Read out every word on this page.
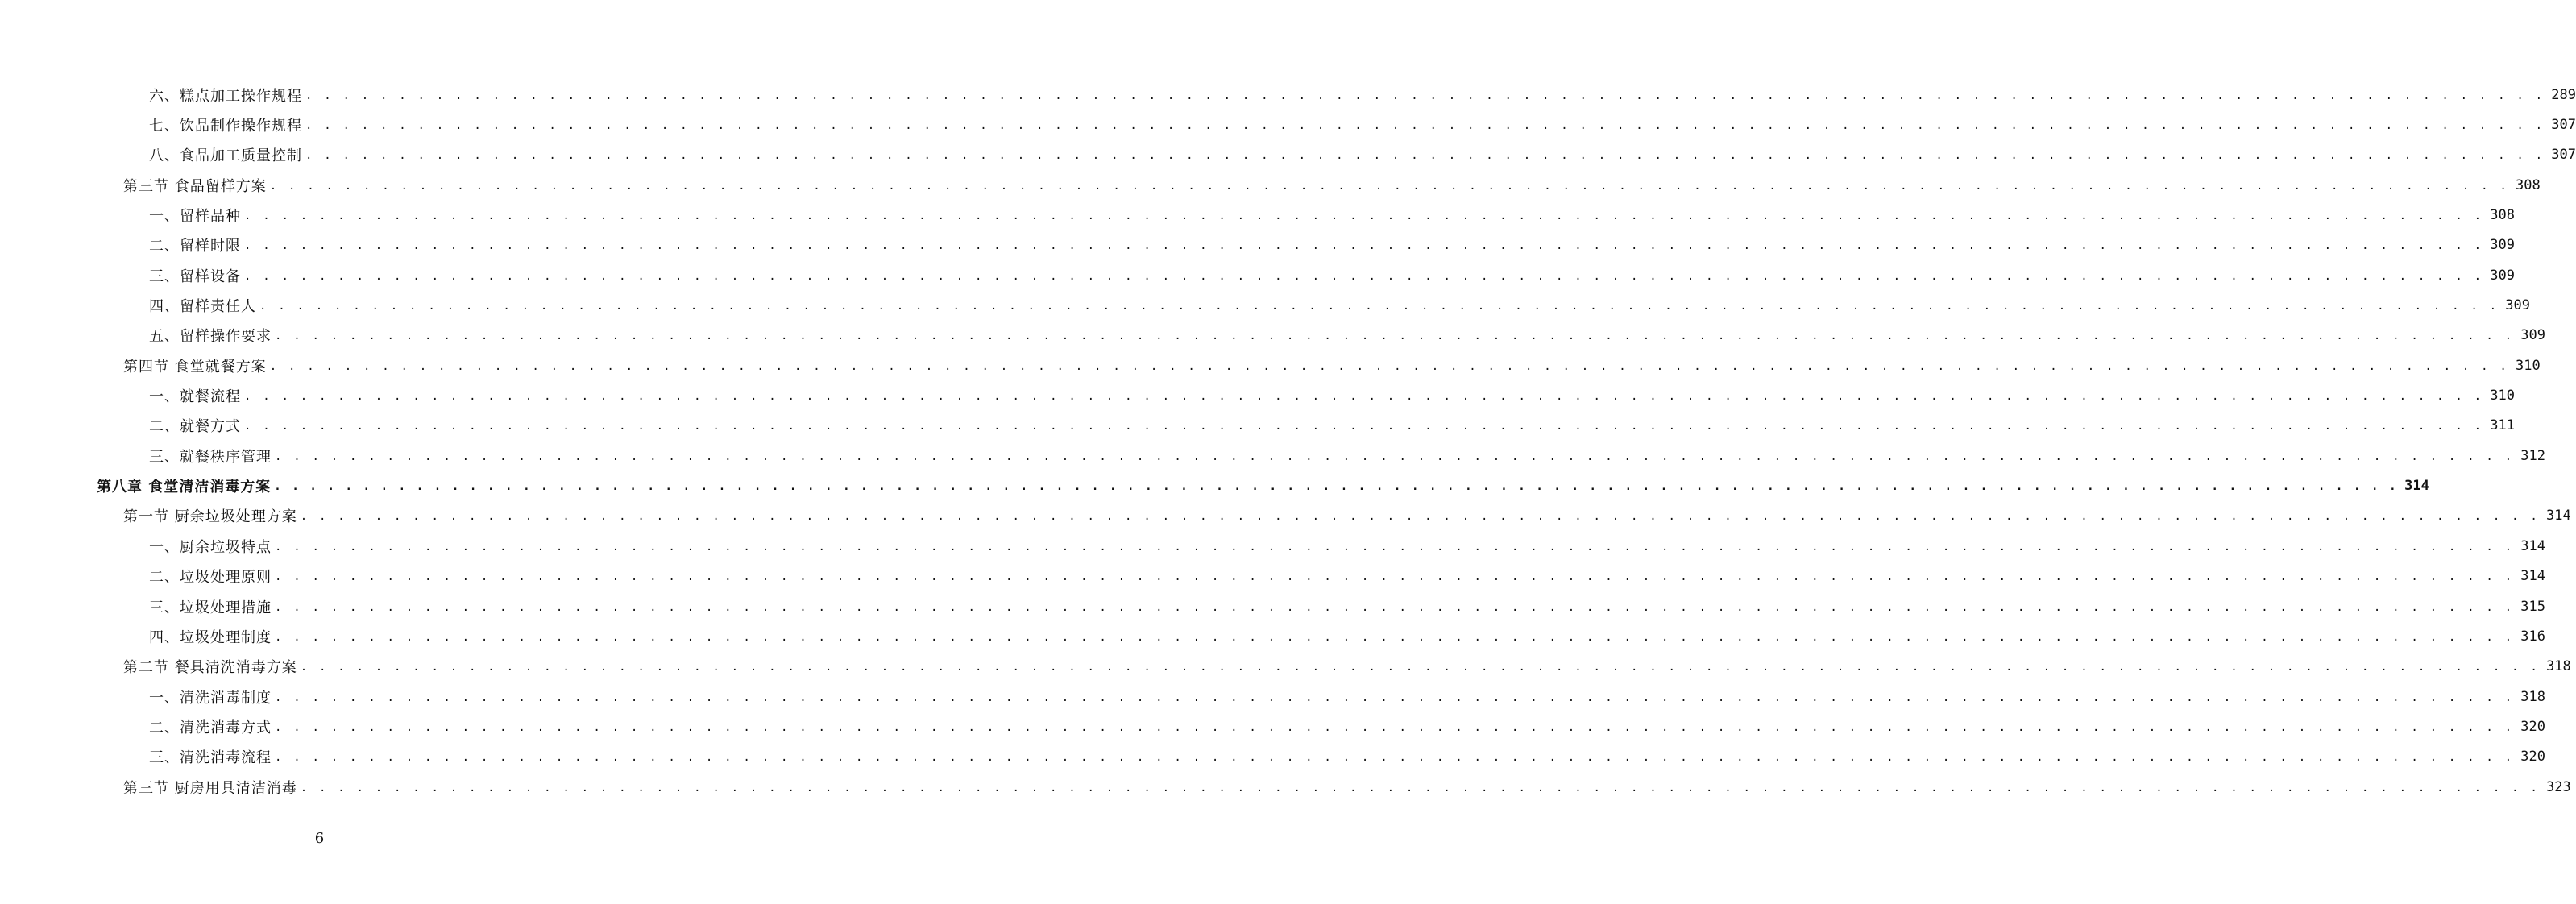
六、糕点加工操作规程 . . . . . . . . . . . . . . . . . . . . . . . . . . . . . . . . . . . . . . . . . . . . . . . . . . . . . . . . . . . . . . . . . . . . . . . . . . . . . . . . . . . . . . . . . . . . . . . . . . . . . . . . . . . . . . . . . . . . . . . . 289
七、饮品制作操作规程 . . . . . . . . . . . . . . . . . . . . . . . . . . . . . . . . . . . . . . . . . . . . . . . . . . . . . . . . . . . . . . . . . . . . . . . . . . . . . . . . . . . . . . . . . . . . . . . . . . . . . . . . . . . . . . . . . . . . . . . . 307
八、食品加工质量控制 . . . . . . . . . . . . . . . . . . . . . . . . . . . . . . . . . . . . . . . . . . . . . . . . . . . . . . . . . . . . . . . . . . . . . . . . . . . . . . . . . . . . . . . . . . . . . . . . . . . . . . . . . . . . . . . . . . . . . . . . 307
第三节 食品留样方案 . . . . . . . . . . . . . . . . . . . . . . . . . . . . . . . . . . . . . . . . . . . . . . . . . . . . . . . . . . . . . . . . . . . . . . . . . . . . . . . . . . . . . . . . . . . . . . . . . . . . . . . . . . . . . . . . . . . . . . . . 308
一、留样品种 . . . . . . . . . . . . . . . . . . . . . . . . . . . . . . . . . . . . . . . . . . . . . . . . . . . . . . . . . . . . . . . . . . . . . . . . . . . . . . . . . . . . . . . . . . . . . . . . . . . . . . . . . . . . . . . . . . . . . . . . 308
二、留样时限 . . . . . . . . . . . . . . . . . . . . . . . . . . . . . . . . . . . . . . . . . . . . . . . . . . . . . . . . . . . . . . . . . . . . . . . . . . . . . . . . . . . . . . . . . . . . . . . . . . . . . . . . . . . . . . . . . . . . . . . . 309
三、留样设备 . . . . . . . . . . . . . . . . . . . . . . . . . . . . . . . . . . . . . . . . . . . . . . . . . . . . . . . . . . . . . . . . . . . . . . . . . . . . . . . . . . . . . . . . . . . . . . . . . . . . . . . . . . . . . . . . . . . . . . . . 309
四、留样责任人 . . . . . . . . . . . . . . . . . . . . . . . . . . . . . . . . . . . . . . . . . . . . . . . . . . . . . . . . . . . . . . . . . . . . . . . . . . . . . . . . . . . . . . . . . . . . . . . . . . . . . . . . . . . . . . . . . . . . . . . . 309
五、留样操作要求 . . . . . . . . . . . . . . . . . . . . . . . . . . . . . . . . . . . . . . . . . . . . . . . . . . . . . . . . . . . . . . . . . . . . . . . . . . . . . . . . . . . . . . . . . . . . . . . . . . . . . . . . . . . . . . . . . . . . . . . . 309
第四节 食堂就餐方案 . . . . . . . . . . . . . . . . . . . . . . . . . . . . . . . . . . . . . . . . . . . . . . . . . . . . . . . . . . . . . . . . . . . . . . . . . . . . . . . . . . . . . . . . . . . . . . . . . . . . . . . . . . . . . . . . . . . . . . . . 310
一、就餐流程 . . . . . . . . . . . . . . . . . . . . . . . . . . . . . . . . . . . . . . . . . . . . . . . . . . . . . . . . . . . . . . . . . . . . . . . . . . . . . . . . . . . . . . . . . . . . . . . . . . . . . . . . . . . . . . . . . . . . . . . . 310
二、就餐方式 . . . . . . . . . . . . . . . . . . . . . . . . . . . . . . . . . . . . . . . . . . . . . . . . . . . . . . . . . . . . . . . . . . . . . . . . . . . . . . . . . . . . . . . . . . . . . . . . . . . . . . . . . . . . . . . . . . . . . . . . 311
三、就餐秩序管理 . . . . . . . . . . . . . . . . . . . . . . . . . . . . . . . . . . . . . . . . . . . . . . . . . . . . . . . . . . . . . . . . . . . . . . . . . . . . . . . . . . . . . . . . . . . . . . . . . . . . . . . . . . . . . . . . . . . . . . . . 312
第八章 食堂清洁消毒方案 . . . . . . . . . . . . . . . . . . . . . . . . . . . . . . . . . . . . . . . . . . . . . . . . . . . . . . . . . . . . . . . . . . . . . . . . . . . . . . . . . . . . . . . . . . . . . . . . . . . . . . . . . . . . . . . . . . . . . . . . 314
第一节 厨余垃圾处理方案 . . . . . . . . . . . . . . . . . . . . . . . . . . . . . . . . . . . . . . . . . . . . . . . . . . . . . . . . . . . . . . . . . . . . . . . . . . . . . . . . . . . . . . . . . . . . . . . . . . . . . . . . . . . . . . . . . . . . . . . . 314
一、厨余垃圾特点 . . . . . . . . . . . . . . . . . . . . . . . . . . . . . . . . . . . . . . . . . . . . . . . . . . . . . . . . . . . . . . . . . . . . . . . . . . . . . . . . . . . . . . . . . . . . . . . . . . . . . . . . . . . . . . . . . . . . . . . . 314
二、垃圾处理原则 . . . . . . . . . . . . . . . . . . . . . . . . . . . . . . . . . . . . . . . . . . . . . . . . . . . . . . . . . . . . . . . . . . . . . . . . . . . . . . . . . . . . . . . . . . . . . . . . . . . . . . . . . . . . . . . . . . . . . . . . 314
三、垃圾处理措施 . . . . . . . . . . . . . . . . . . . . . . . . . . . . . . . . . . . . . . . . . . . . . . . . . . . . . . . . . . . . . . . . . . . . . . . . . . . . . . . . . . . . . . . . . . . . . . . . . . . . . . . . . . . . . . . . . . . . . . . . 315
四、垃圾处理制度 . . . . . . . . . . . . . . . . . . . . . . . . . . . . . . . . . . . . . . . . . . . . . . . . . . . . . . . . . . . . . . . . . . . . . . . . . . . . . . . . . . . . . . . . . . . . . . . . . . . . . . . . . . . . . . . . . . . . . . . . 316
第二节 餐具清洗消毒方案 . . . . . . . . . . . . . . . . . . . . . . . . . . . . . . . . . . . . . . . . . . . . . . . . . . . . . . . . . . . . . . . . . . . . . . . . . . . . . . . . . . . . . . . . . . . . . . . . . . . . . . . . . . . . . . . . . . . . . . . . 318
一、清洗消毒制度 . . . . . . . . . . . . . . . . . . . . . . . . . . . . . . . . . . . . . . . . . . . . . . . . . . . . . . . . . . . . . . . . . . . . . . . . . . . . . . . . . . . . . . . . . . . . . . . . . . . . . . . . . . . . . . . . . . . . . . . . 318
二、清洗消毒方式 . . . . . . . . . . . . . . . . . . . . . . . . . . . . . . . . . . . . . . . . . . . . . . . . . . . . . . . . . . . . . . . . . . . . . . . . . . . . . . . . . . . . . . . . . . . . . . . . . . . . . . . . . . . . . . . . . . . . . . . . 320
三、清洗消毒流程 . . . . . . . . . . . . . . . . . . . . . . . . . . . . . . . . . . . . . . . . . . . . . . . . . . . . . . . . . . . . . . . . . . . . . . . . . . . . . . . . . . . . . . . . . . . . . . . . . . . . . . . . . . . . . . . . . . . . . . . . 320
第三节 厨房用具清洁消毒 . . . . . . . . . . . . . . . . . . . . . . . . . . . . . . . . . . . . . . . . . . . . . . . . . . . . . . . . . . . . . . . . . . . . . . . . . . . . . . . . . . . . . . . . . . . . . . . . . . . . . . . . . . . . . . . . . . . . . . . . 323
6
